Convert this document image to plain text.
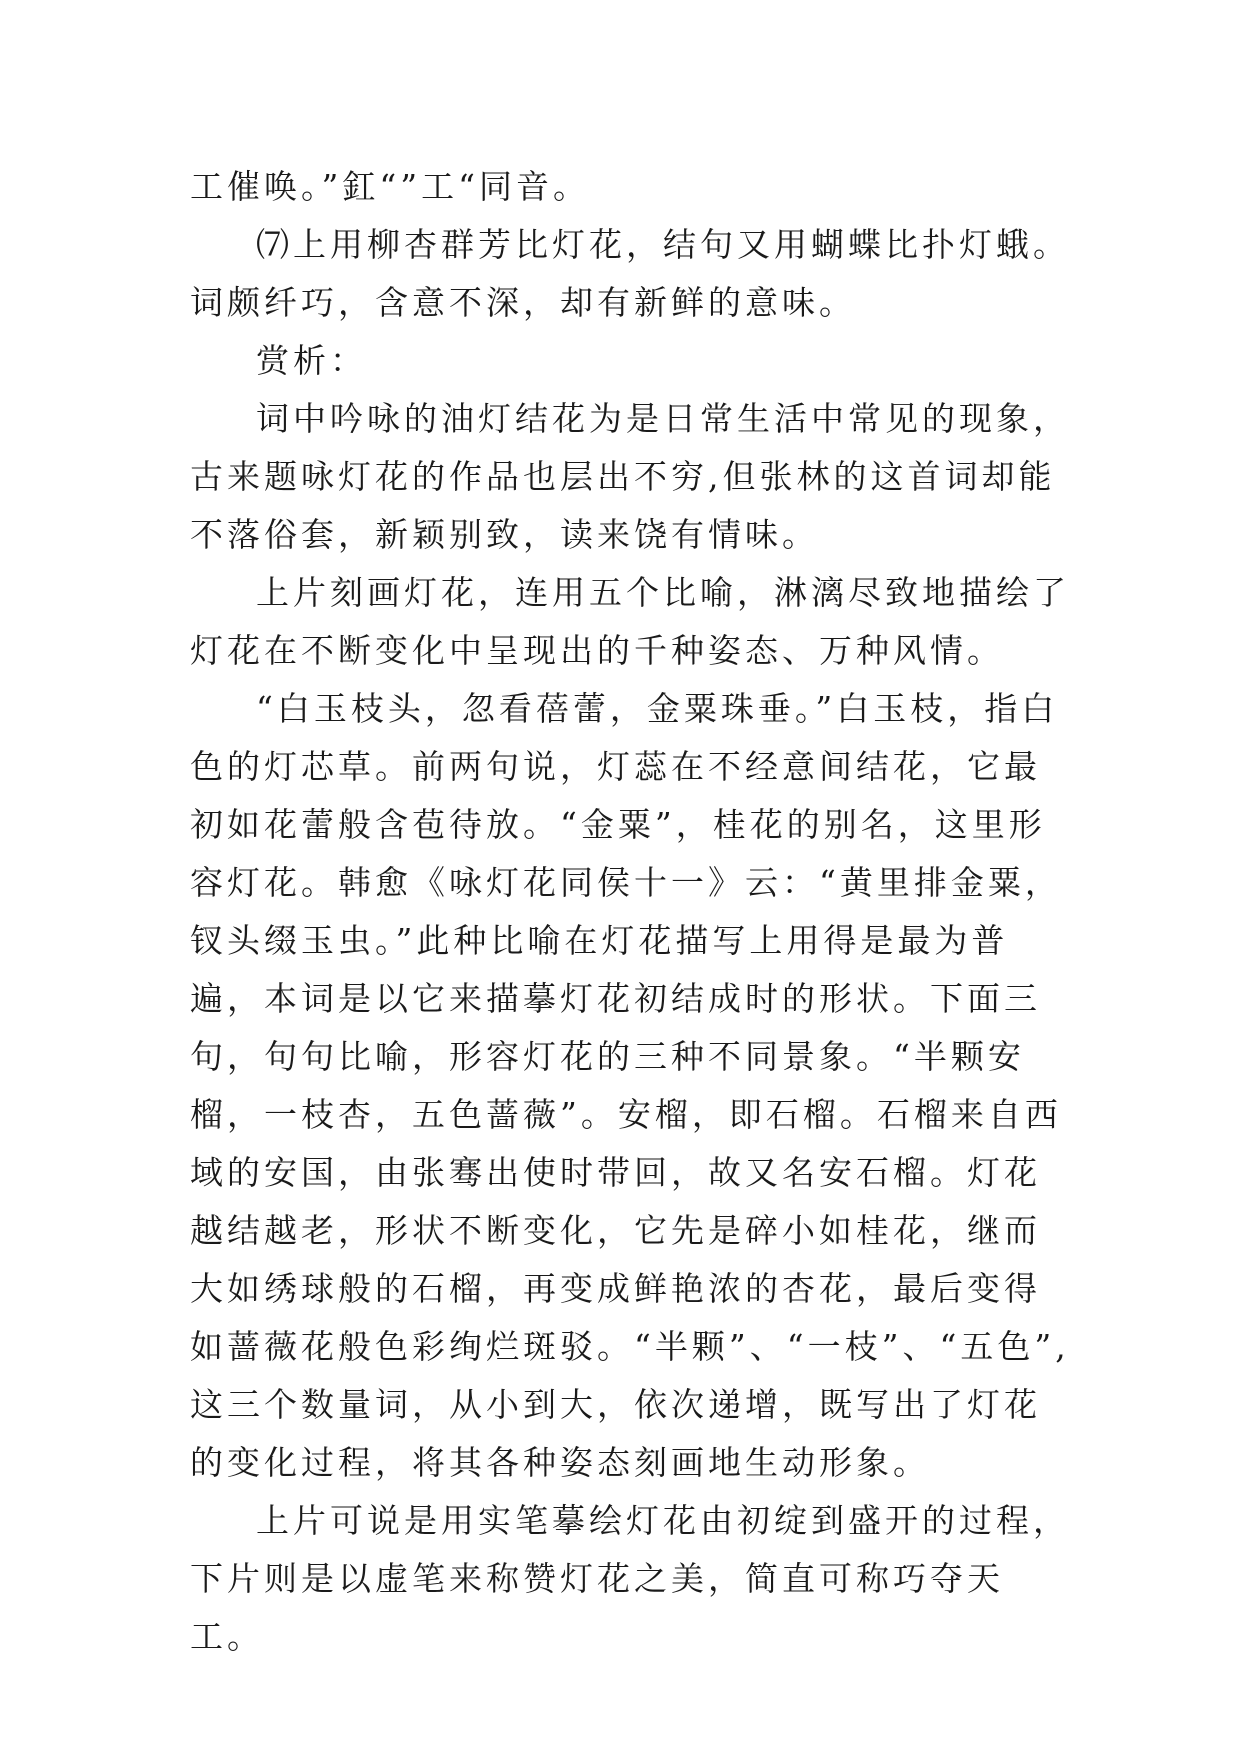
工催唤。”釭“”工“同音。

⑺上用柳杏群芳比灯花，结句又用蝴蝶比扑灯蛾。词颇纤巧，含意不深，却有新鲜的意味。

赏析：

词中吟咏的油灯结花为是日常生活中常见的现象，古来题咏灯花的作品也层出不穷,但张林的这首词却能不落俗套，新颖别致，读来饶有情味。

上片刻画灯花，连用五个比喻，淋漓尽致地描绘了灯花在不断变化中呈现出的千种姿态、万种风情。

“白玉枝头，忽看蓓蕾，金粟珠垂。”白玉枝，指白色的灯芯草。前两句说，灯蕊在不经意间结花，它最初如花蕾般含苞待放。“金粟”，桂花的别名，这里形容灯花。韩愈《咏灯花同侯十一》云：“黄里排金粟，钗头缀玉虫。”此种比喻在灯花描写上用得是最为普遍，本词是以它来描摹灯花初结成时的形状。下面三句，句句比喻，形容灯花的三种不同景象。“半颗安榴，一枝杏，五色蔷薇”。安榴，即石榴。石榴来自西域的安国，由张骞出使时带回，故又名安石榴。灯花越结越老，形状不断变化，它先是碎小如桂花，继而大如绣球般的石榴，再变成鲜艳浓的杏花，最后变得如蔷薇花般色彩绚烂斑驳。“半颗”、“一枝”、“五色”,这三个数量词，从小到大，依次递增，既写出了灯花的变化过程，将其各种姿态刻画地生动形象。

上片可说是用实笔摹绘灯花由初绽到盛开的过程，下片则是以虚笔来称赞灯花之美，简直可称巧夺天工。
